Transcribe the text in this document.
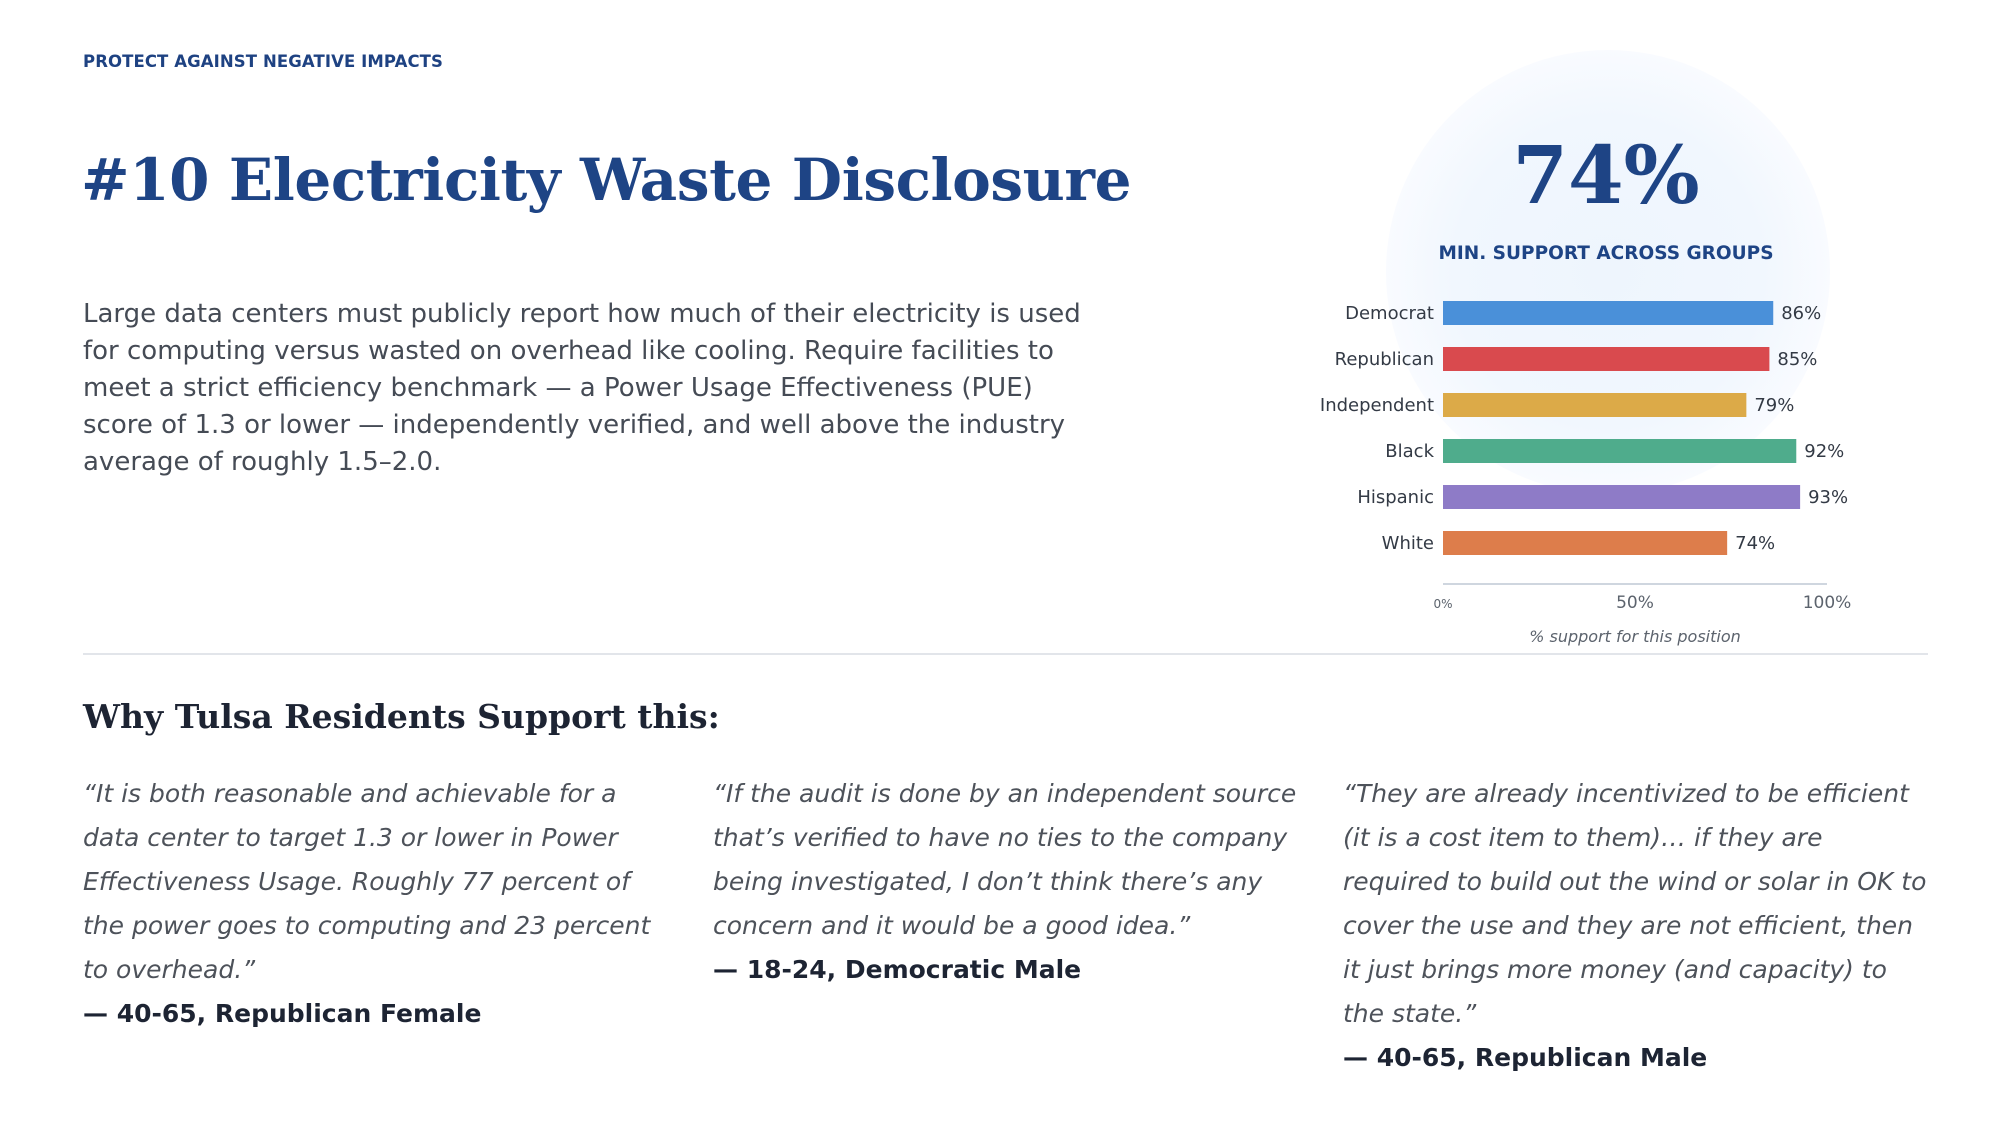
PROTECT AGAINST NEGATIVE IMPACTS
#10 Electricity Waste Disclosure

Large data centers must publicly report how much of their electricity is used for computing versus wasted on overhead like cooling. Require facilities to meet a strict efficiency benchmark — a Power Usage Effectiveness (PUE) score of 1.3 or lower — independently verified, and well above the industry average of roughly 1.5–2.0.

74%
MIN. SUPPORT ACROSS GROUPS
Democrat	86%
Republican	85%
Independent	79%
Black	92%
Hispanic	93%
White	74%
0%	50%	100%
% support for this position
Why Tulsa Residents Support this:

“It is both reasonable and achievable for a data center to target 1.3 or lower in Power Effectiveness Usage. Roughly 77 percent of the power goes to computing and 23 percent to overhead.”

— 40-65, Republican Female

“If the audit is done by an independent source that’s verified to have no ties to the company being investigated, I don’t think there’s any concern and it would be a good idea.”

— 18-24, Democratic Male

“They are already incentivized to be efficient (it is a cost item to them)… if they are required to build out the wind or solar in OK to cover the use and they are not efficient, then it just brings more money (and capacity) to the state.”

— 40-65, Republican Male
